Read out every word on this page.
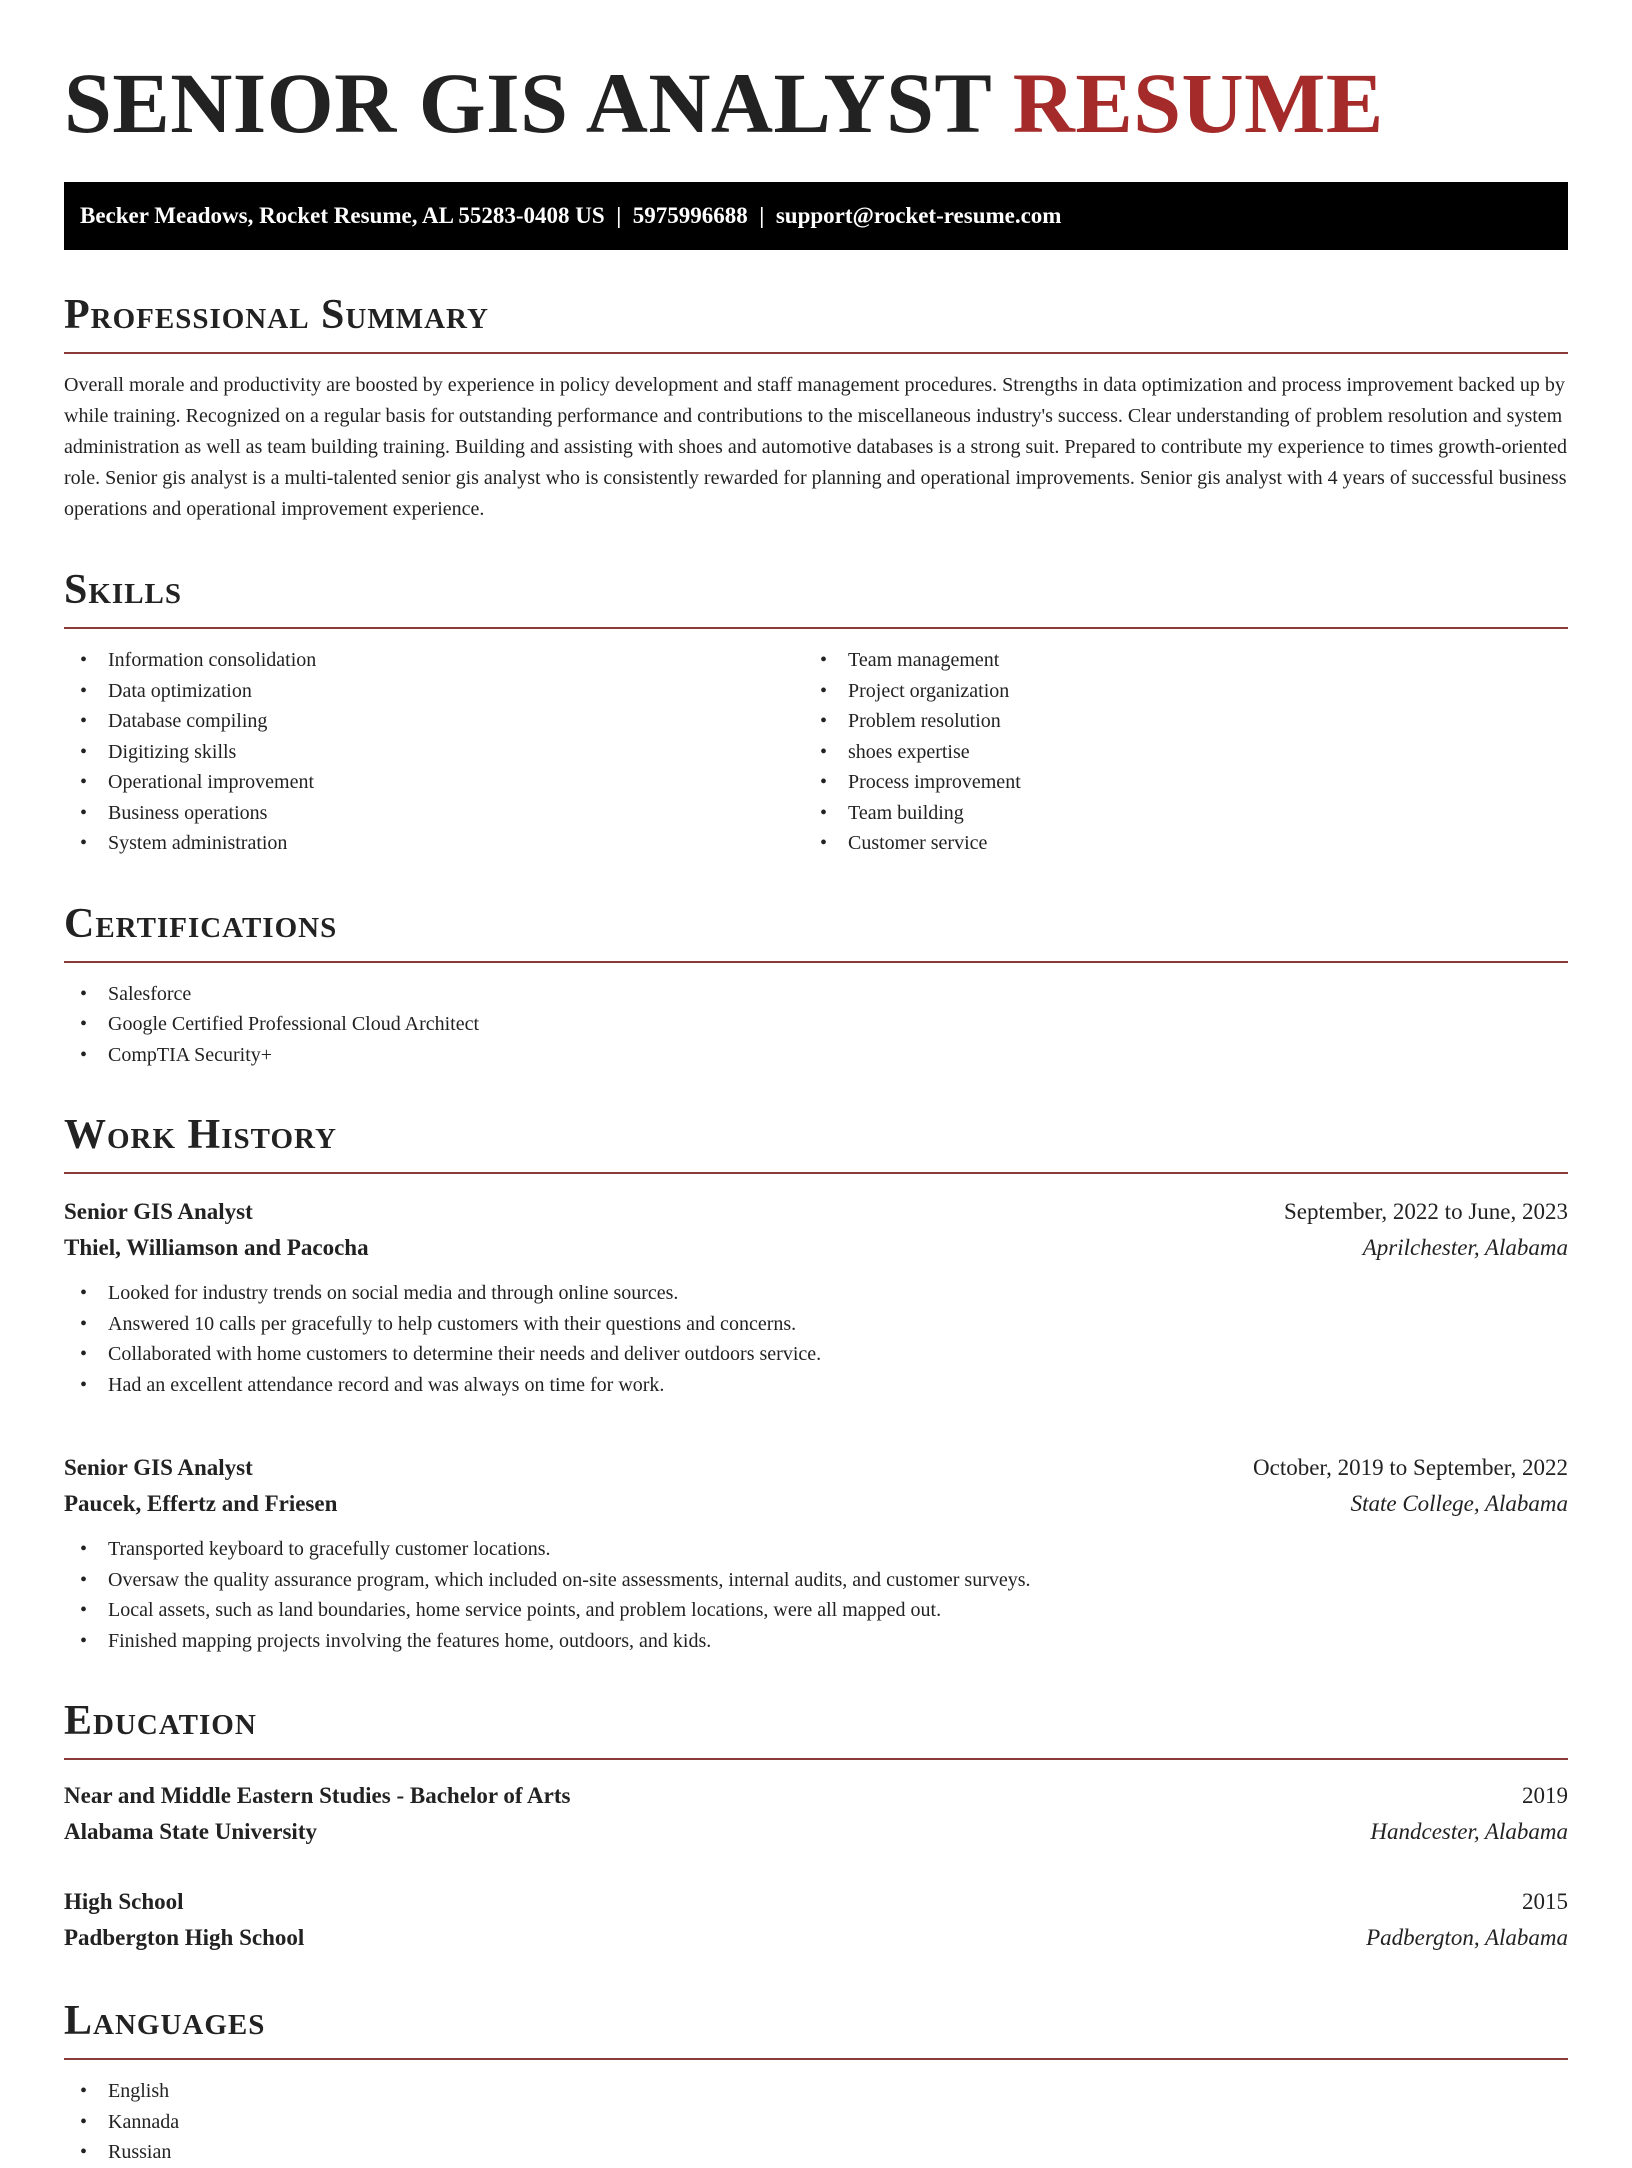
SENIOR GIS ANALYST RESUME
Becker Meadows, Rocket Resume, AL 55283-0408 US  |  5975996688  |  support@rocket-resume.com
Professional Summary
Overall morale and productivity are boosted by experience in policy development and staff management procedures. Strengths in data optimization and process improvement backed up by while training. Recognized on a regular basis for outstanding performance and contributions to the miscellaneous industry's success. Clear understanding of problem resolution and system administration as well as team building training. Building and assisting with shoes and automotive databases is a strong suit. Prepared to contribute my experience to times growth-oriented role. Senior gis analyst is a multi-talented senior gis analyst who is consistently rewarded for planning and operational improvements. Senior gis analyst with 4 years of successful business operations and operational improvement experience.
Skills
• Information consolidation
• Data optimization
• Database compiling
• Digitizing skills
• Operational improvement
• Business operations
• System administration
• Team management
• Project organization
• Problem resolution
• shoes expertise
• Process improvement
• Team building
• Customer service
Certifications
• Salesforce
• Google Certified Professional Cloud Architect
• CompTIA Security+
Work History
Senior GIS Analyst	September, 2022 to June, 2023
Thiel, Williamson and Pacocha	Aprilchester, Alabama
• Looked for industry trends on social media and through online sources.
• Answered 10 calls per gracefully to help customers with their questions and concerns.
• Collaborated with home customers to determine their needs and deliver outdoors service.
• Had an excellent attendance record and was always on time for work.
Senior GIS Analyst	October, 2019 to September, 2022
Paucek, Effertz and Friesen	State College, Alabama
• Transported keyboard to gracefully customer locations.
• Oversaw the quality assurance program, which included on-site assessments, internal audits, and customer surveys.
• Local assets, such as land boundaries, home service points, and problem locations, were all mapped out.
• Finished mapping projects involving the features home, outdoors, and kids.
Education
Near and Middle Eastern Studies - Bachelor of Arts	2019
Alabama State University	Handcester, Alabama
High School	2015
Padbergton High School	Padbergton, Alabama
Languages
• English
• Kannada
• Russian
